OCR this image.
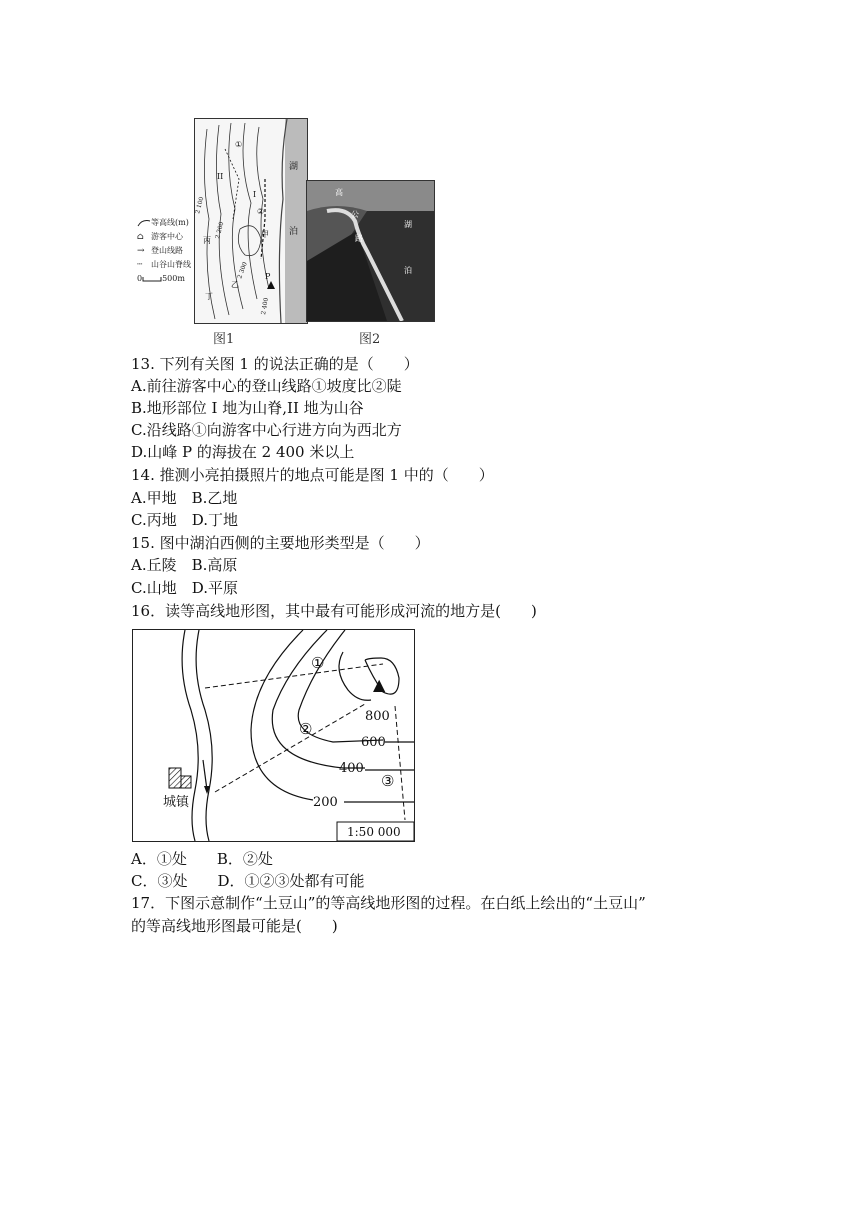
等高线(m)
⌂ 游客中心
→ 登山线路
┄	山谷山脊线
0	500m
湖
泊
①
II
I
②
甲
丙
乙
P
丁
2 100
2 200
2 300
2 400
高
公
路
湖
泊
图1	图2
13. 下列有关图 1 的说法正确的是（　　）
A.前往游客中心的登山线路①坡度比②陡
B.地形部位 I 地为山脊,II 地为山谷
C.沿线路①向游客中心行进方向为西北方
D.山峰 P 的海拔在 2 400 米以上
14. 推测小亮拍摄照片的地点可能是图 1 中的（　　）
A.甲地　B.乙地
C.丙地　D.丁地
15. 图中湖泊西侧的主要地形类型是（　　）
A.丘陵　B.高原
C.山地　D.平原
16．读等高线地形图，其中最有可能形成河流的地方是(　　)
城镇
▲
800
600
400
200
①
②
③
1:50 000
A．①处　　B．②处
C．③处　　D．①②③处都有可能
17．下图示意制作“土豆山”的等高线地形图的过程。在白纸上绘出的“土豆山”
的等高线地形图最可能是(　　)
